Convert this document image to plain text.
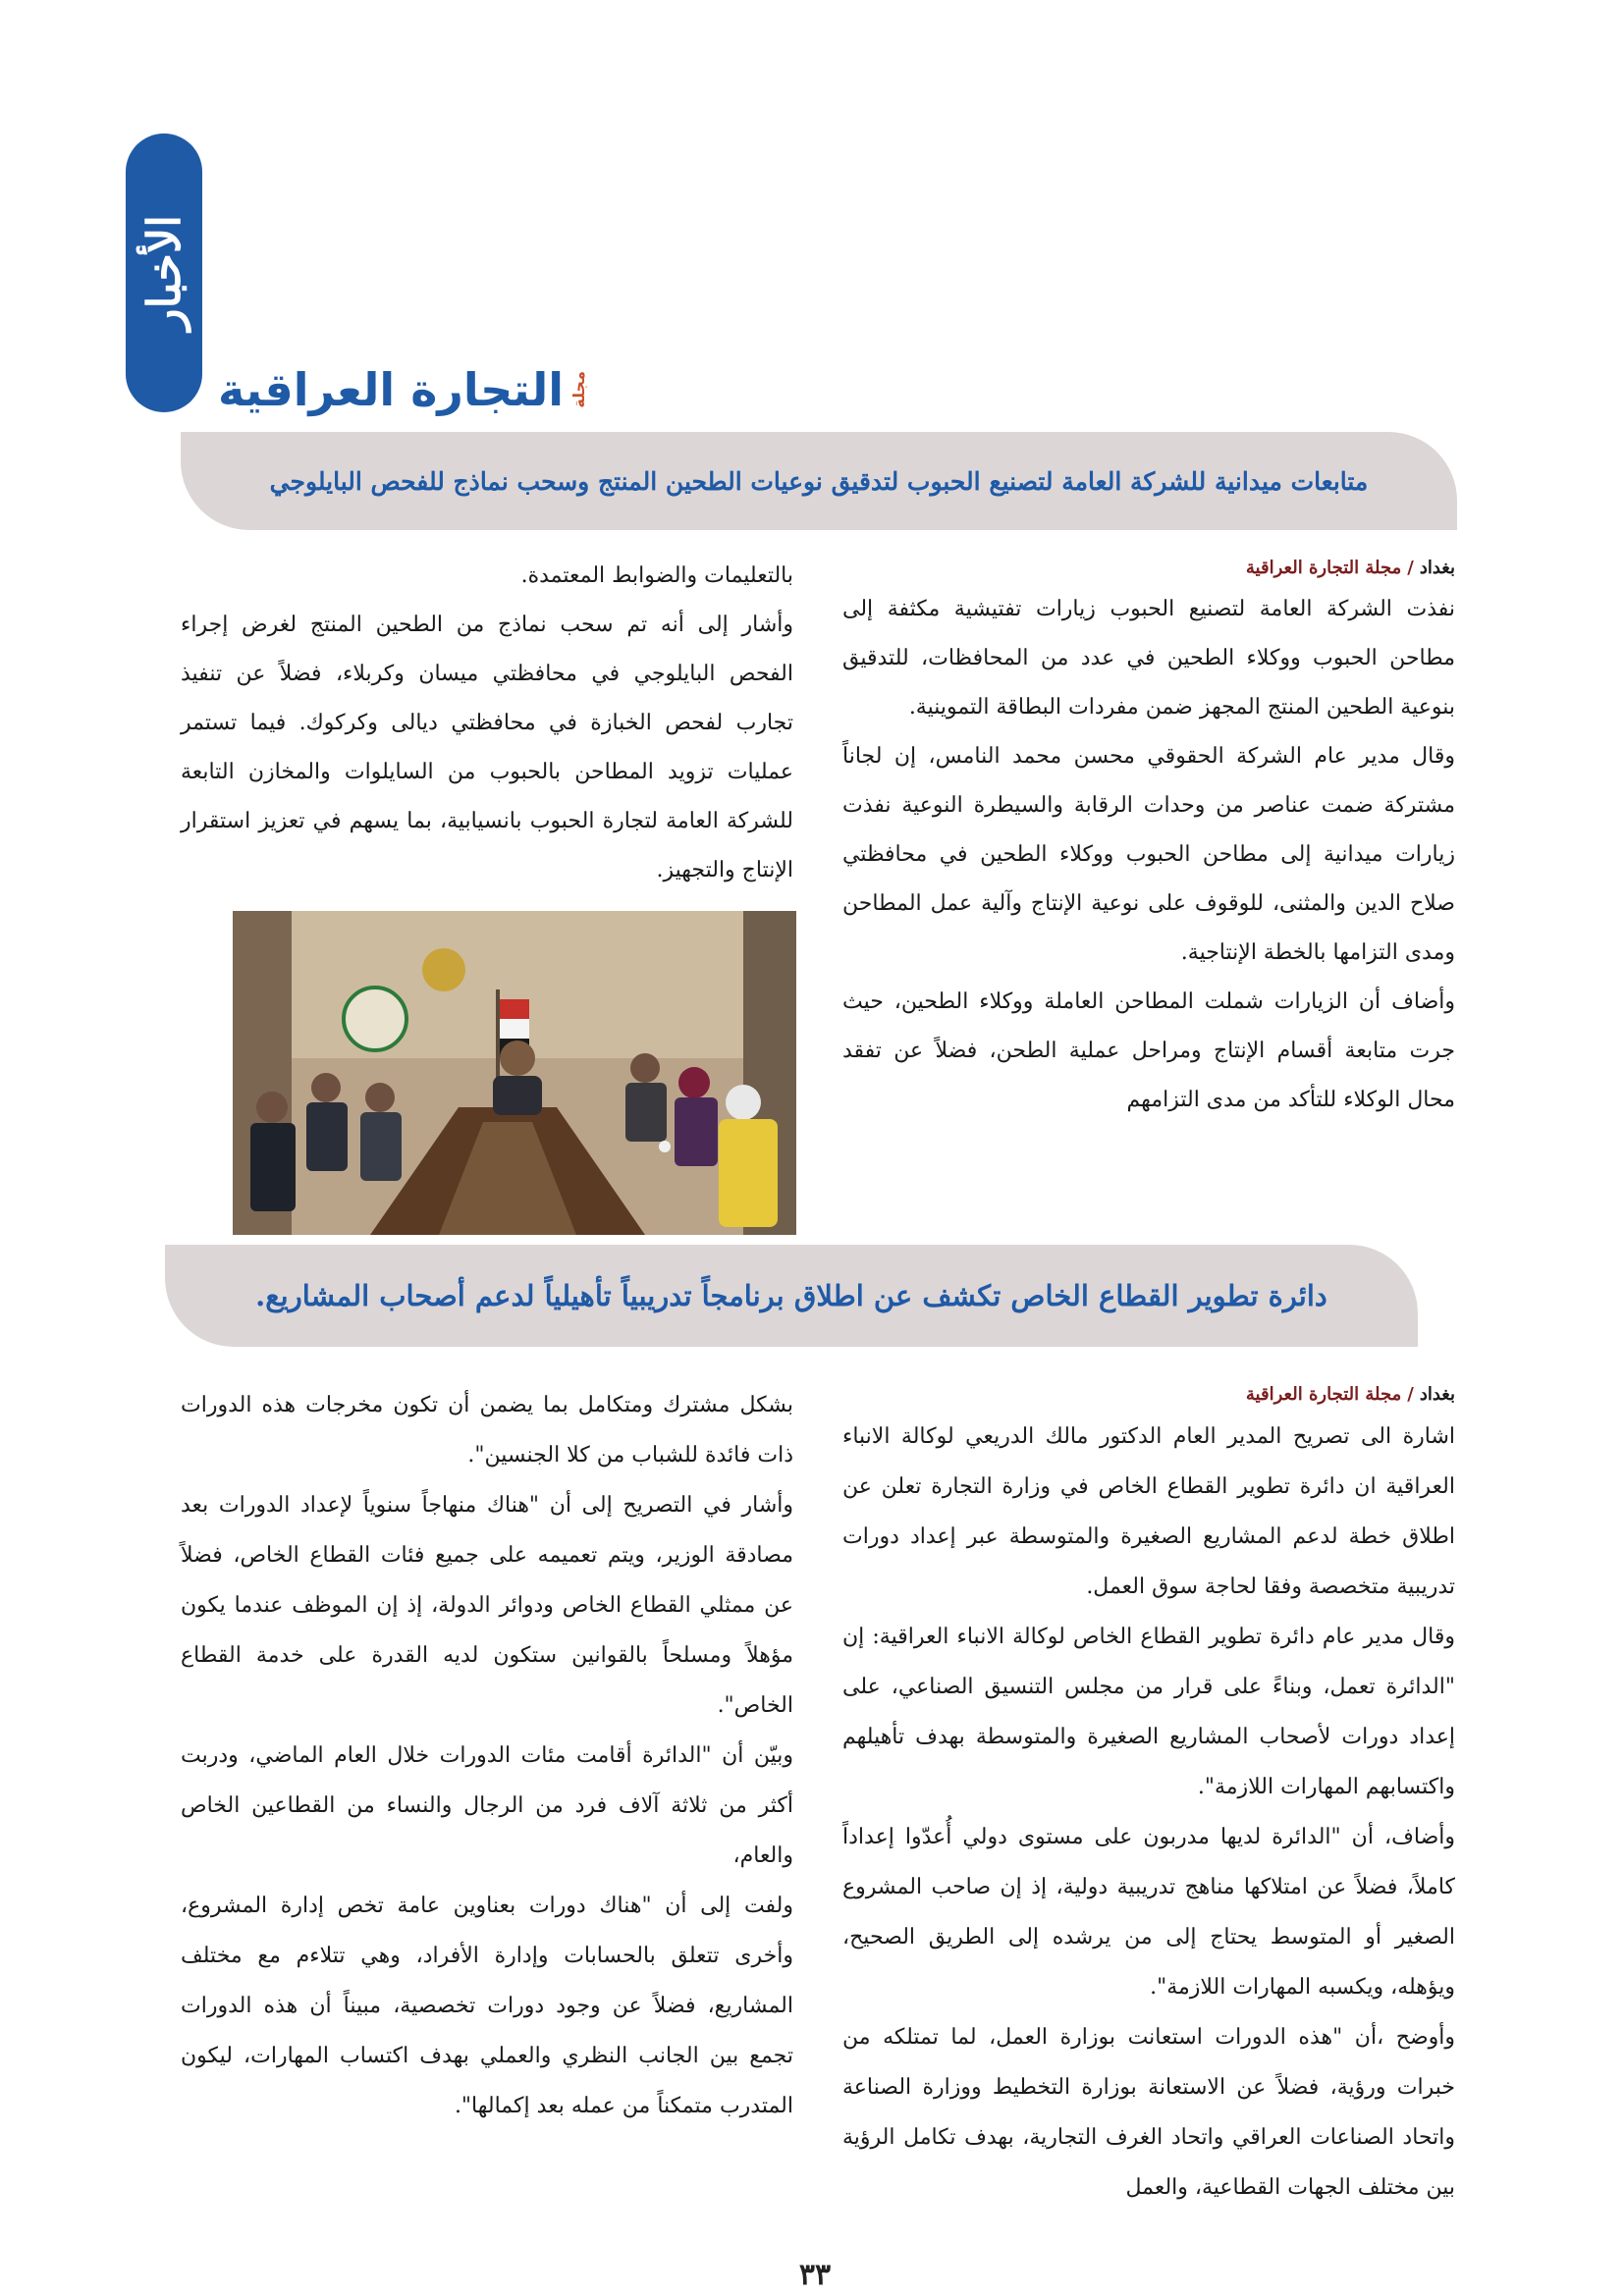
الأخبار
التجارة العراقية مجلة
متابعات ميدانية للشركة العامة لتصنيع الحبوب لتدقيق نوعيات الطحين المنتج وسحب نماذج للفحص البايلوجي
بغداد/مجلة التجارة العراقية

نفذت الشركة العامة لتصنيع الحبوب زيارات تفتيشية مكثفة إلى مطاحن الحبوب ووكلاء الطحين في عدد من المحافظات، للتدقيق بنوعية الطحين المنتج المجهز ضمن مفردات البطاقة التموينية.

وقال مدير عام الشركة الحقوقي محسن محمد النامس، إن لجاناً مشتركة ضمت عناصر من وحدات الرقابة والسيطرة النوعية نفذت زيارات ميدانية إلى مطاحن الحبوب ووكلاء الطحين في محافظتي صلاح الدين والمثنى، للوقوف على نوعية الإنتاج وآلية عمل المطاحن ومدى التزامها بالخطة الإنتاجية.

وأضاف أن الزيارات شملت المطاحن العاملة ووكلاء الطحين، حيث جرت متابعة أقسام الإنتاج ومراحل عملية الطحن، فضلاً عن تفقد محال الوكلاء للتأكد من مدى التزامهم

بالتعليمات والضوابط المعتمدة.

وأشار إلى أنه تم سحب نماذج من الطحين المنتج لغرض إجراء الفحص البايلوجي في محافظتي ميسان وكربلاء، فضلاً عن تنفيذ تجارب لفحص الخبازة في محافظتي ديالى وكركوك. فيما تستمر عمليات تزويد المطاحن بالحبوب من السايلوات والمخازن التابعة للشركة العامة لتجارة الحبوب بانسيابية، بما يسهم في تعزيز استقرار الإنتاج والتجهيز.

دائرة تطوير القطاع الخاص تكشف عن اطلاق برنامجاً تدريبياً تأهيلياً لدعم أصحاب المشاريع.
بغداد/مجلة التجارة العراقية

اشارة الى تصريح المدير العام الدكتور مالك الدريعي لوكالة الانباء العراقية ان دائرة تطوير القطاع الخاص في وزارة التجارة تعلن عن اطلاق خطة لدعم المشاريع الصغيرة والمتوسطة عبر إعداد دورات تدريبية متخصصة وفقا لحاجة سوق العمل.

وقال مدير عام دائرة تطوير القطاع الخاص لوكالة الانباء العراقية: إن "الدائرة تعمل، وبناءً على قرار من مجلس التنسيق الصناعي، على إعداد دورات لأصحاب المشاريع الصغيرة والمتوسطة بهدف تأهيلهم واكتسابهم المهارات اللازمة".

وأضاف، أن "الدائرة لديها مدربون على مستوى دولي أُعدّوا إعداداً كاملاً، فضلاً عن امتلاكها مناهج تدريبية دولية، إذ إن صاحب المشروع الصغير أو المتوسط يحتاج إلى من يرشده إلى الطريق الصحيح، ويؤهله، ويكسبه المهارات اللازمة".

وأوضح ،أن "هذه الدورات استعانت بوزارة العمل، لما تمتلكه من خبرات ورؤية، فضلاً عن الاستعانة بوزارة التخطيط ووزارة الصناعة واتحاد الصناعات العراقي واتحاد الغرف التجارية، بهدف تكامل الرؤية بين مختلف الجهات القطاعية، والعمل

بشكل مشترك ومتكامل بما يضمن أن تكون مخرجات هذه الدورات ذات فائدة للشباب من كلا الجنسين".

وأشار في التصريح إلى أن "هناك منهاجاً سنوياً لإعداد الدورات بعد مصادقة الوزير، ويتم تعميمه على جميع فئات القطاع الخاص، فضلاً عن ممثلي القطاع الخاص ودوائر الدولة، إذ إن الموظف عندما يكون مؤهلاً ومسلحاً بالقوانين ستكون لديه القدرة على خدمة القطاع الخاص".

وبيّن أن "الدائرة أقامت مئات الدورات خلال العام الماضي، ودربت أكثر من ثلاثة آلاف فرد من الرجال والنساء من القطاعين الخاص والعام،

ولفت إلى أن "هناك دورات بعناوين عامة تخص إدارة المشروع، وأخرى تتعلق بالحسابات وإدارة الأفراد، وهي تتلاءم مع مختلف المشاريع، فضلاً عن وجود دورات تخصصية، مبيناً أن هذه الدورات تجمع بين الجانب النظري والعملي بهدف اكتساب المهارات، ليكون المتدرب متمكناً من عمله بعد إكمالها".

٣٣
